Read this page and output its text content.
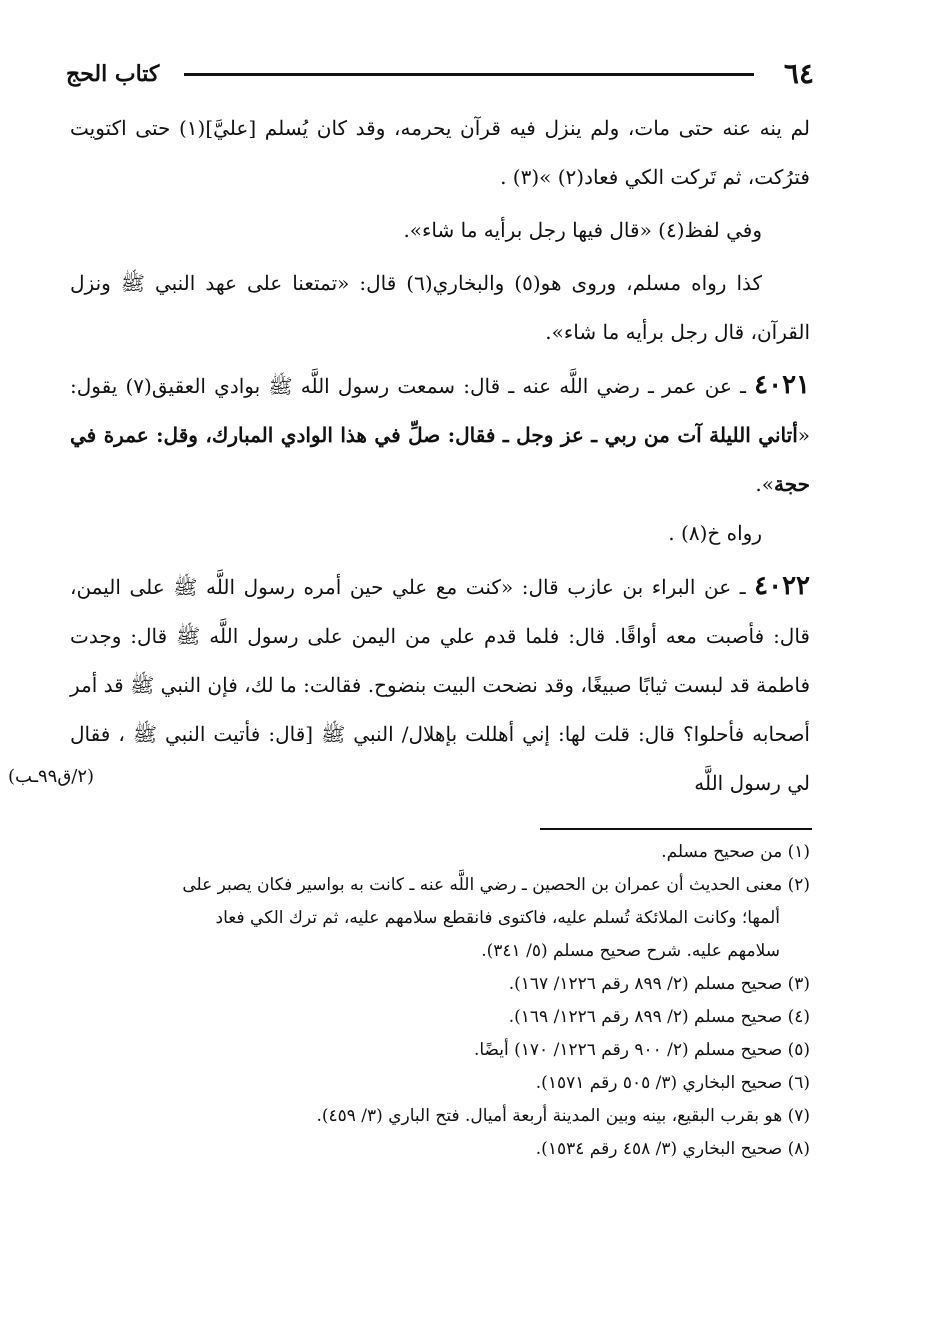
٦٤
كتاب الحج

لم ينه عنه حتى مات، ولم ينزل فيه قرآن يحرمه، وقد كان يُسلم [عليَّ](١) حتى اكتويت فترُكت، ثم تَركت الكي فعاد(٢) »(٣) .

وفي لفظ(٤) «قال فيها رجل برأيه ما شاء».

كذا رواه مسلم، وروى هو(٥) والبخاري(٦) قال: «تمتعنا على عهد النبي ﷺ ونزل القرآن، قال رجل برأيه ما شاء».

٤٠٢١ ـ عن عمر ـ رضي اللَّه عنه ـ قال: سمعت رسول اللَّه ﷺ بوادي العقيق(٧) يقول: «أتاني الليلة آت من ربي ـ عز وجل ـ فقال: صلِّ في هذا الوادي المبارك، وقل: عمرة في حجة».

رواه خ(٨) .

٤٠٢٢ ـ عن البراء بن عازب قال: «كنت مع علي حين أمره رسول اللَّه ﷺ على اليمن، قال: فأصبت معه أواقًا. قال: فلما قدم علي من اليمن على رسول اللَّه ﷺ قال: وجدت فاطمة قد لبست ثيابًا صبيغًا، وقد نضحت البيت بنضوح. فقالت: ما لك، فإن النبي ﷺ قد أمر أصحابه فأحلوا؟ قال: قلت لها: إني أهللت بإهلال/ النبي ﷺ [قال: فأتيت النبي ﷺ ، فقال لي رسول اللَّه

(٢/ق٩٩ـب)

(١) من صحيح مسلم.

(٢) معنى الحديث أن عمران بن الحصين ـ رضي اللَّه عنه ـ كانت به بواسير فكان يصبر على

ألمها؛ وكانت الملائكة تُسلم عليه، فاكتوى فانقطع سلامهم عليه، ثم ترك الكي فعاد

سلامهم عليه. شرح صحيح مسلم (٥/ ٣٤١).

(٣) صحيح مسلم (٢/ ٨٩٩ رقم ١٢٢٦/ ١٦٧).

(٤) صحيح مسلم (٢/ ٨٩٩ رقم ١٢٢٦/ ١٦٩).

(٥) صحيح مسلم (٢/ ٩٠٠ رقم ١٢٢٦/ ١٧٠) أيضًا.

(٦) صحيح البخاري (٣/ ٥٠٥ رقم ١٥٧١).

(٧) هو بقرب البقيع، بينه وبين المدينة أربعة أميال. فتح الباري (٣/ ٤٥٩).

(٨) صحيح البخاري (٣/ ٤٥٨ رقم ١٥٣٤).
